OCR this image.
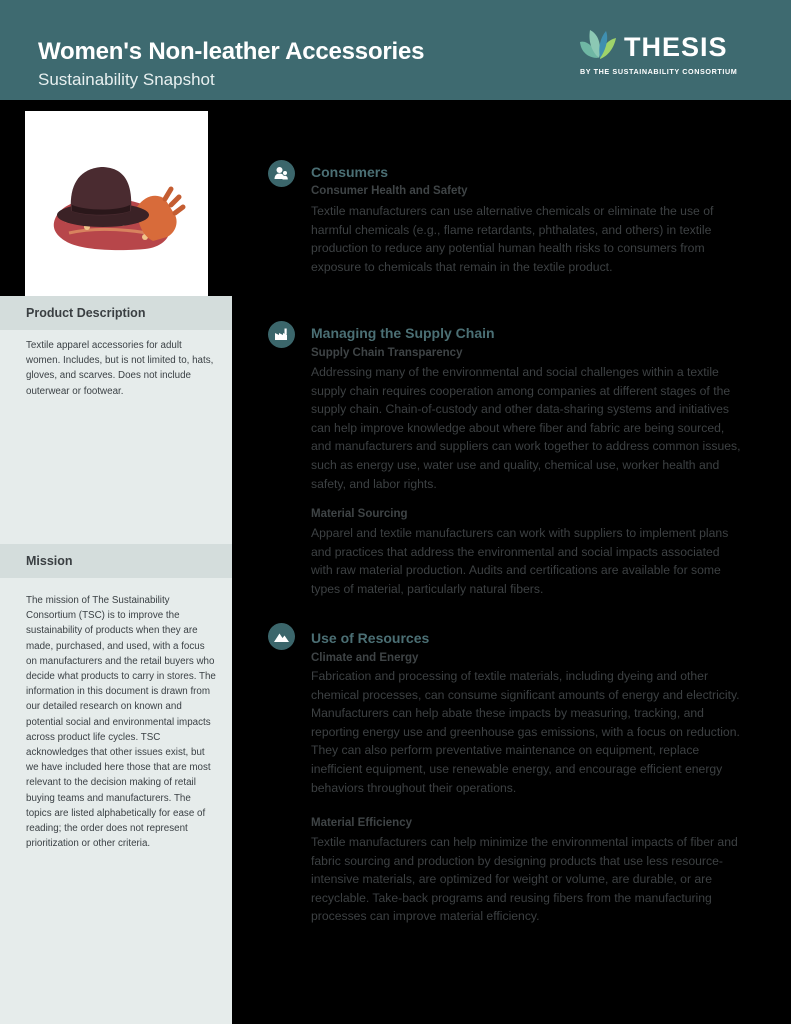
Women's Non-leather Accessories
Sustainability Snapshot
THESIS
BY THE SUSTAINABILITY CONSORTIUM
Product Description
Textile apparel accessories for adult women. Includes, but is not limited to, hats, gloves, and scarves. Does not include outerwear or footwear.
Mission
The mission of The Sustainability Consortium (TSC) is to improve the sustainability of products when they are made, purchased, and used, with a focus on manufacturers and the retail buyers who decide what products to carry in stores. The information in this document is drawn from our detailed research on known and potential social and environmental impacts across product life cycles. TSC acknowledges that other issues exist, but we have included here those that are most relevant to the decision making of retail buying teams and manufacturers. The topics are listed alphabetically for ease of reading; the order does not represent prioritization or other criteria.
Consumers
Consumer Health and Safety
Textile manufacturers can use alternative chemicals or eliminate the use of harmful chemicals (e.g., flame retardants, phthalates, and others) in textile production to reduce any potential human health risks to consumers from exposure to chemicals that remain in the textile product.
Managing the Supply Chain
Supply Chain Transparency
Addressing many of the environmental and social challenges within a textile supply chain requires cooperation among companies at different stages of the supply chain. Chain-of-custody and other data-sharing systems and initiatives can help improve knowledge about where fiber and fabric are being sourced, and manufacturers and suppliers can work together to address common issues, such as energy use, water use and quality, chemical use, worker health and safety, and labor rights.
Material Sourcing
Apparel and textile manufacturers can work with suppliers to implement plans and practices that address the environmental and social impacts associated with raw material production. Audits and certifications are available for some types of material, particularly natural fibers.
Use of Resources
Climate and Energy
Fabrication and processing of textile materials, including dyeing and other chemical processes, can consume significant amounts of energy and electricity. Manufacturers can help abate these impacts by measuring, tracking, and reporting energy use and greenhouse gas emissions, with a focus on reduction. They can also perform preventative maintenance on equipment, replace inefficient equipment, use renewable energy, and encourage efficient energy behaviors throughout their operations.
Material Efficiency
Textile manufacturers can help minimize the environmental impacts of fiber and fabric sourcing and production by designing products that use less resource-intensive materials, are optimized for weight or volume, are durable, or are recyclable. Take-back programs and reusing fibers from the manufacturing processes can improve material efficiency.
